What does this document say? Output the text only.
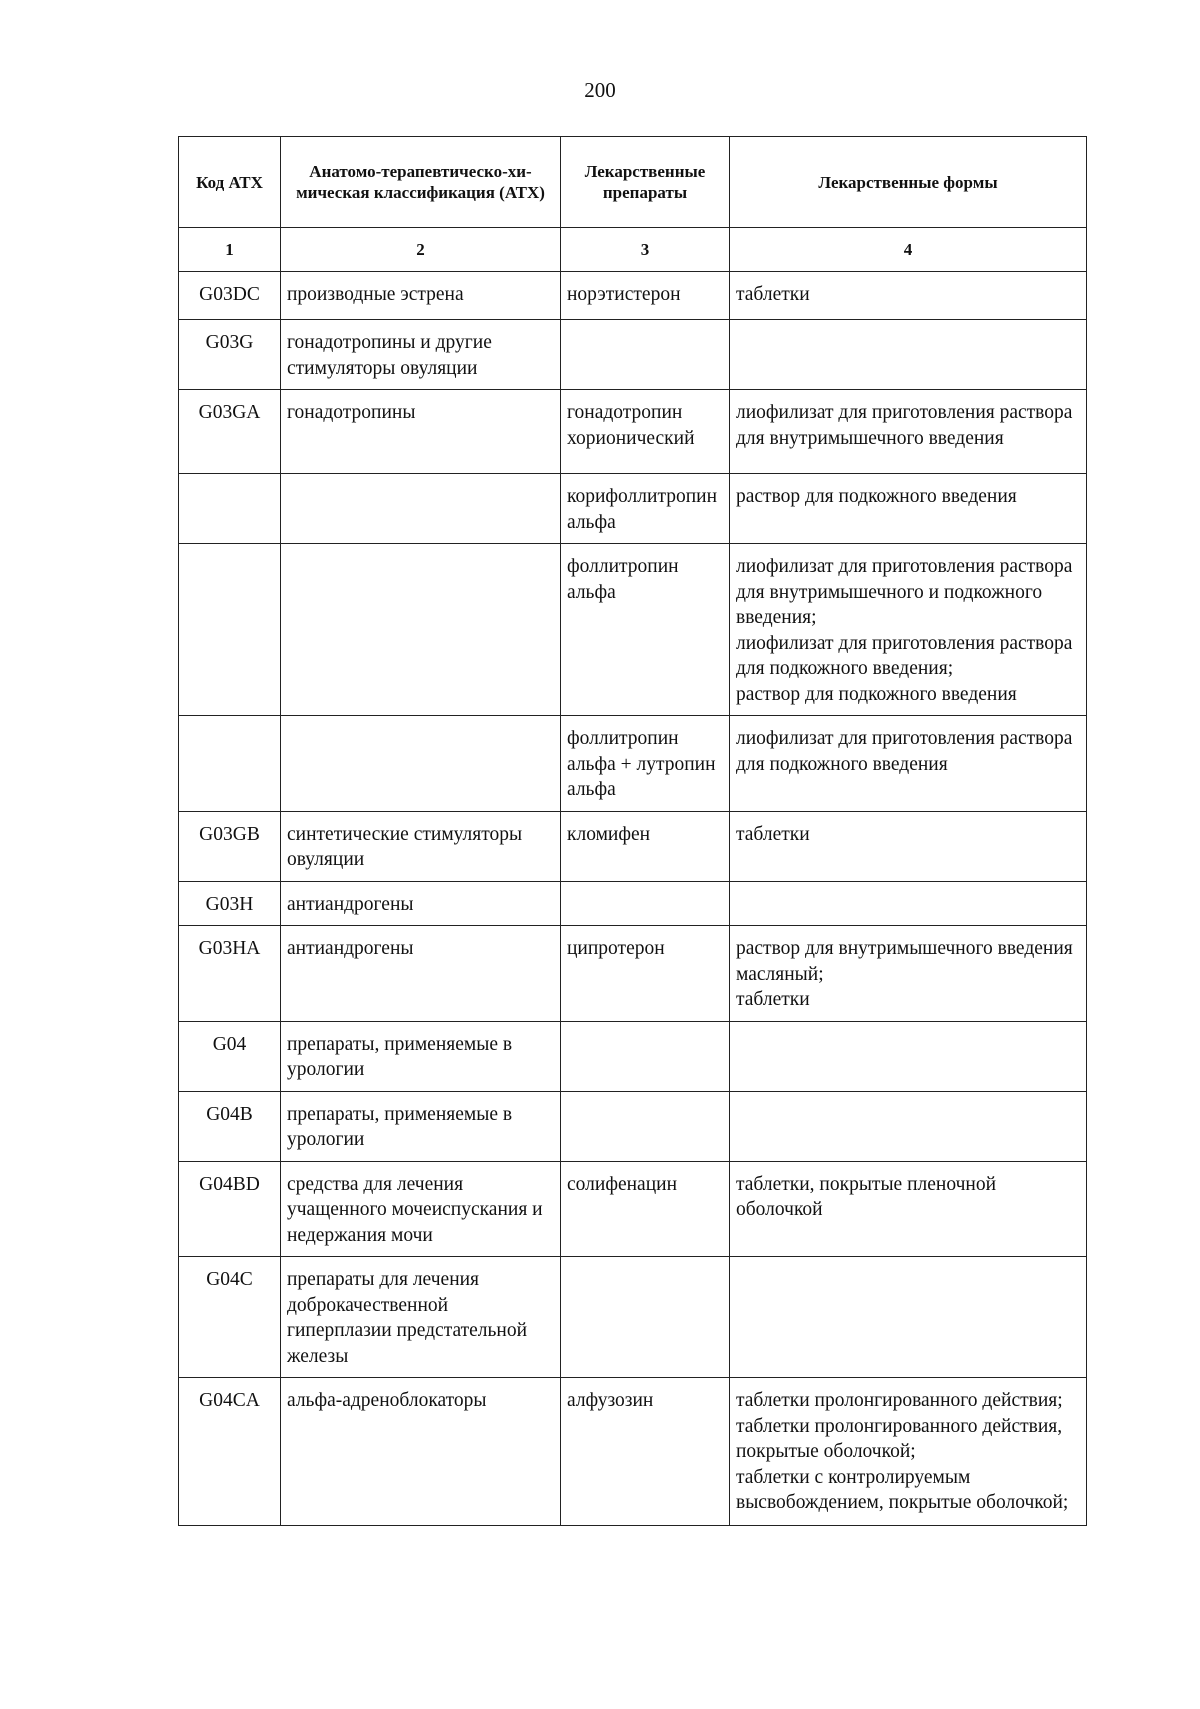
200
Код АТХ	Анатомо-терапевтическо-хи-мическая классификация (АТХ)	Лекарственные препараты	Лекарственные формы
1	2	3	4
G03DC	производные эстрена	норэтистерон	таблетки

G03G	гонадотропины и другие стимуляторы овуляции		
G03GA	гонадотропины	гонадотропин хорионический	лиофилизат для приготовления раствора для внутримышечного введения

		корифоллитропин альфа	раствор для подкожного введения

		фоллитропин альфа	лиофилизат для приготовления раствора для внутримышечного и подкожного введения;
лиофилизат для приготовления раствора для подкожного введения;
раствор для подкожного введения

		фоллитропин альфа + лутропин альфа	лиофилизат для приготовления раствора для подкожного введения

G03GB	синтетические стимуляторы овуляции	кломифен	таблетки

G03H	антиандрогены		
G03HA	антиандрогены	ципротерон	раствор для внутримышечного введения масляный;
таблетки

G04	препараты, применяемые в урологии		
G04B	препараты, применяемые в урологии		
G04BD	средства для лечения учащенного мочеиспускания и недержания мочи	солифенацин	таблетки, покрытые пленочной оболочкой

G04C	препараты для лечения доброкачественной гиперплазии предстательной железы		
G04CA	альфа-адреноблокаторы	алфузозин	таблетки пролонгированного действия;
таблетки пролонгированного действия, покрытые оболочкой;
таблетки с контролируемым высвобождением, покрытые оболочкой;
